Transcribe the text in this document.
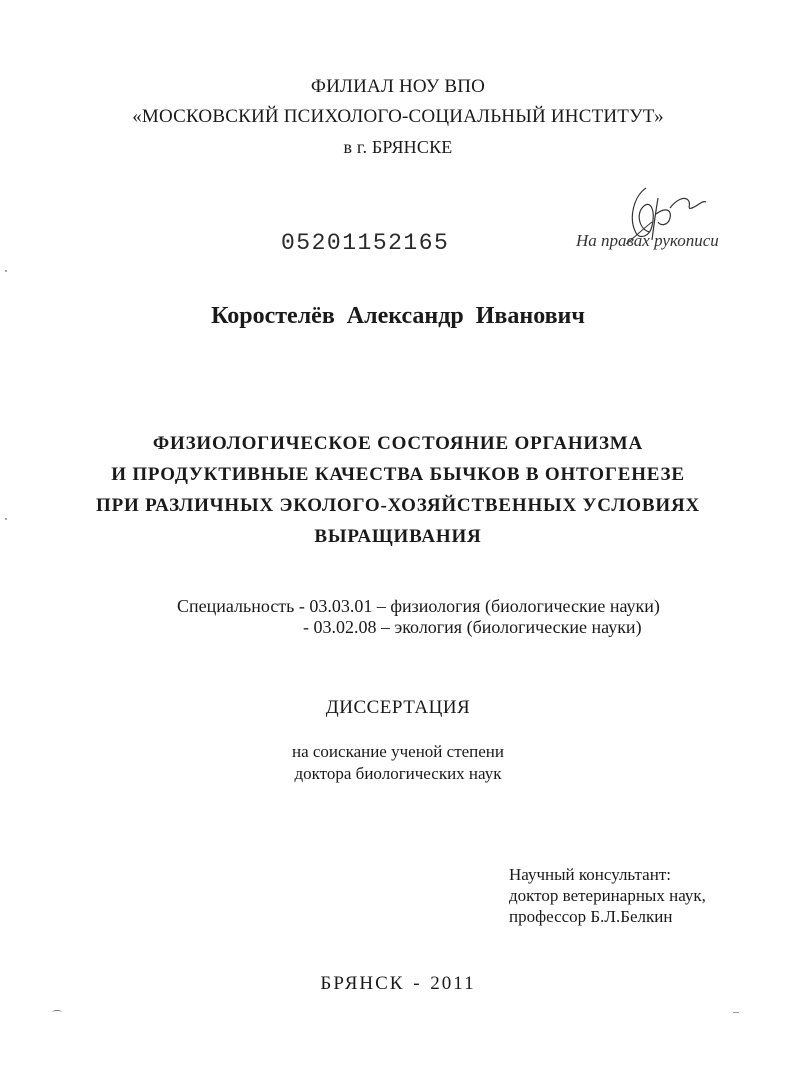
ФИЛИАЛ НОУ ВПО
«МОСКОВСКИЙ ПСИХОЛОГО-СОЦИАЛЬНЫЙ ИНСТИТУТ»
в г. БРЯНСКЕ
05201152165	На правах рукописи
Коростелёв Александр Иванович
ФИЗИОЛОГИЧЕСКОЕ СОСТОЯНИЕ ОРГАНИЗМА
И ПРОДУКТИВНЫЕ КАЧЕСТВА БЫЧКОВ В ОНТОГЕНЕЗЕ
ПРИ РАЗЛИЧНЫХ ЭКОЛОГО-ХОЗЯЙСТВЕННЫХ УСЛОВИЯХ
ВЫРАЩИВАНИЯ
Специальность - 03.03.01 – физиология (биологические науки)
- 03.02.08 – экология (биологические науки)
ДИССЕРТАЦИЯ
на соискание ученой степени
доктора биологических наук
Научный консультант:
доктор ветеринарных наук,
профессор Б.Л.Белкин
БРЯНСК - 2011
